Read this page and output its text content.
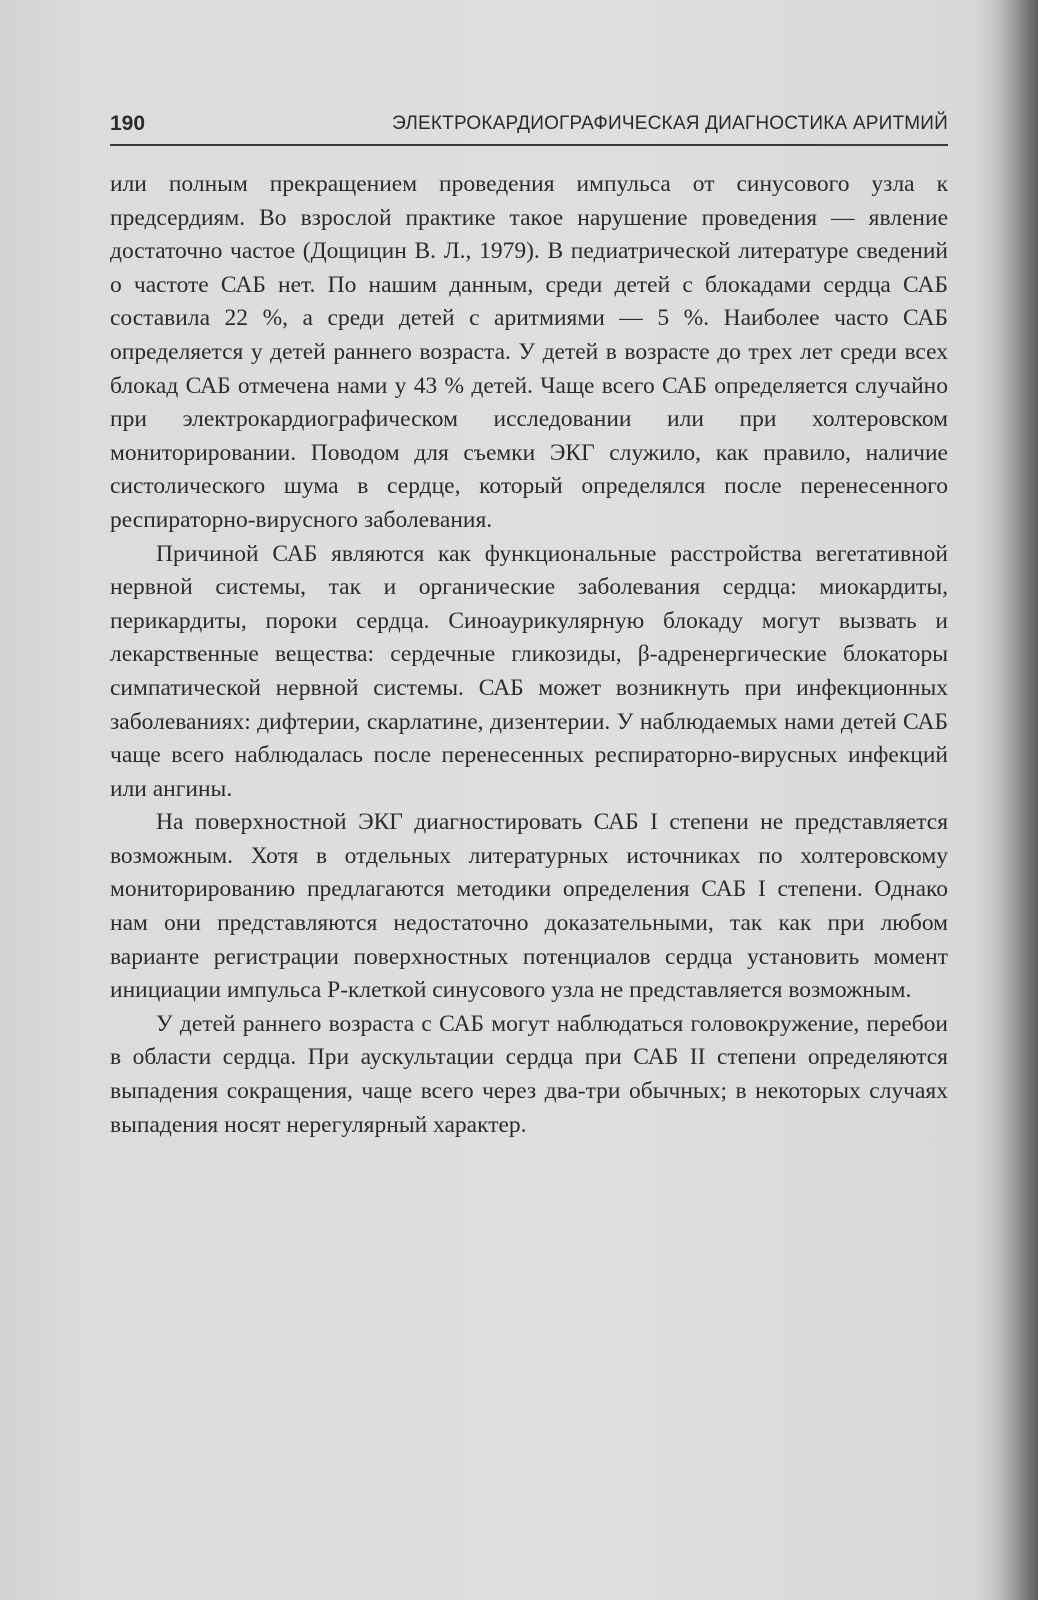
190	ЭЛЕКТРОКАРДИОГРАФИЧЕСКАЯ ДИАГНОСТИКА АРИТМИЙ

или полным прекращением проведения импульса от синусового узла к предсердиям. Во взрослой практике такое нарушение проведения — явление достаточно частое (Дощицин В. Л., 1979). В педиатрической литературе сведений о частоте САБ нет. По нашим данным, среди детей с блокадами сердца САБ составила 22 %, а среди детей с аритмиями — 5 %. Наиболее часто САБ определяется у детей раннего возраста. У детей в возрасте до трех лет среди всех блокад САБ отмечена нами у 43 % детей. Чаще всего САБ определяется случайно при электрокардиографическом исследовании или при холтеровском мониторировании. Поводом для съемки ЭКГ служило, как правило, наличие систолического шума в сердце, который определялся после перенесенного респираторно-вирусного заболевания.

Причиной САБ являются как функциональные расстройства вегетативной нервной системы, так и органические заболевания сердца: миокардиты, перикардиты, пороки сердца. Синоаурикулярную блокаду могут вызвать и лекарственные вещества: сердечные гликозиды, β-адренергические блокаторы симпатической нервной системы. САБ может возникнуть при инфекционных заболеваниях: дифтерии, скарлатине, дизентерии. У наблюдаемых нами детей САБ чаще всего наблюдалась после перенесенных респираторно-вирусных инфекций или ангины.

На поверхностной ЭКГ диагностировать САБ I степени не представляется возможным. Хотя в отдельных литературных источниках по холтеровскому мониторированию предлагаются методики определения САБ I степени. Однако нам они представляются недостаточно доказательными, так как при любом варианте регистрации поверхностных потенциалов сердца установить момент инициации импульса Р-клеткой синусового узла не представляется возможным.

У детей раннего возраста с САБ могут наблюдаться головокружение, перебои в области сердца. При аускультации сердца при САБ II степени определяются выпадения сокращения, чаще всего через два-три обычных; в некоторых случаях выпадения носят нерегулярный характер.
